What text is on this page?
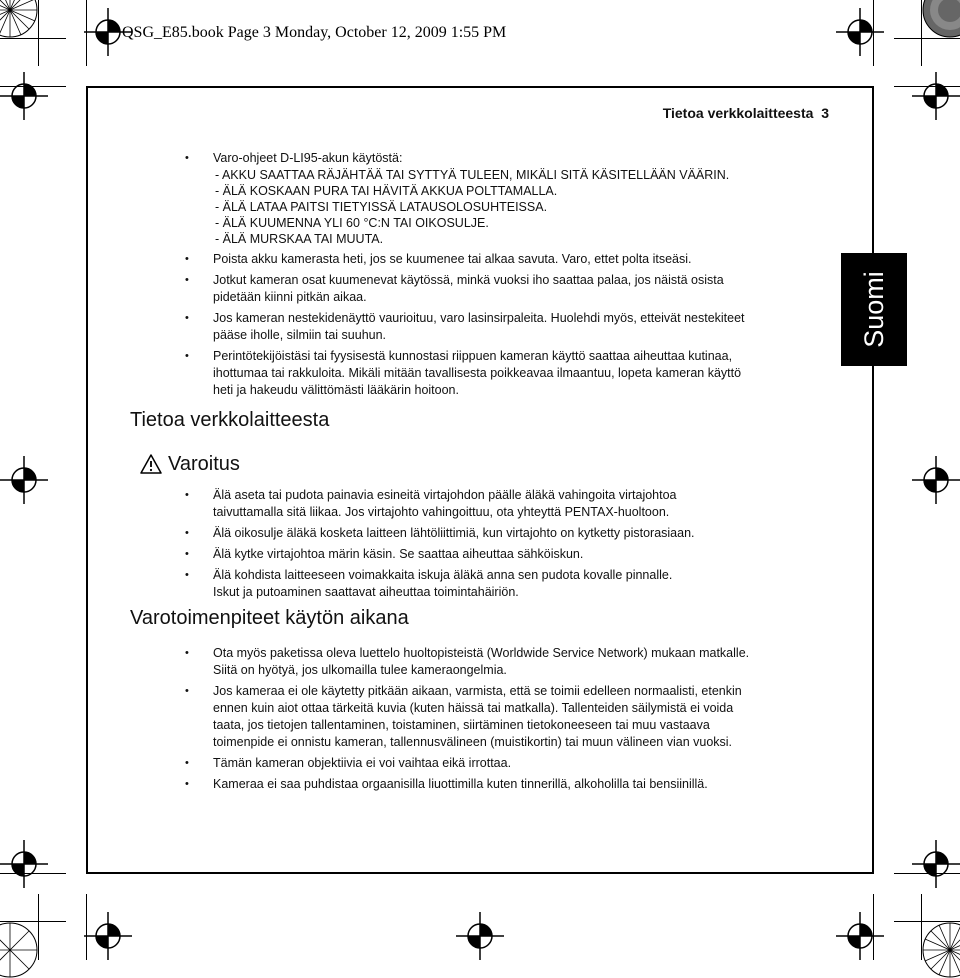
QSG_E85.book Page 3 Monday, October 12, 2009 1:55 PM
Tietoa verkkolaitteesta 3
Suomi
• Varo-ohjeet D-LI95-akun käytöstä:
- AKKU SAATTAA RÄJÄHTÄÄ TAI SYTTYÄ TULEEN, MIKÄLI SITÄ KÄSITELLÄÄN VÄÄRIN.
- ÄLÄ KOSKAAN PURA TAI HÄVITÄ AKKUA POLTTAMALLA.
- ÄLÄ LATAA PAITSI TIETYISSÄ LATAUSOLOSUHTEISSA.
- ÄLÄ KUUMENNA YLI 60 °C:N TAI OIKOSULJE.
- ÄLÄ MURSKAA TAI MUUTA.
• Poista akku kamerasta heti, jos se kuumenee tai alkaa savuta. Varo, ettet polta itseäsi.
• Jotkut kameran osat kuumenevat käytössä, minkä vuoksi iho saattaa palaa, jos näistä osista
pidetään kiinni pitkän aikaa.
• Jos kameran nestekidenäyttö vaurioituu, varo lasinsirpaleita. Huolehdi myös, etteivät nestekiteet
pääse iholle, silmiin tai suuhun.
• Perintötekijöistäsi tai fyysisestä kunnostasi riippuen kameran käyttö saattaa aiheuttaa kutinaa,
ihottumaa tai rakkuloita. Mikäli mitään tavallisesta poikkeavaa ilmaantuu, lopeta kameran käyttö
heti ja hakeudu välittömästi lääkärin hoitoon.
Tietoa verkkolaitteesta
Varoitus
• Älä aseta tai pudota painavia esineitä virtajohdon päälle äläkä vahingoita virtajohtoa
taivuttamalla sitä liikaa. Jos virtajohto vahingoittuu, ota yhteyttä PENTAX-huoltoon.
• Älä oikosulje äläkä kosketa laitteen lähtöliittimiä, kun virtajohto on kytketty pistorasiaan.
• Älä kytke virtajohtoa märin käsin. Se saattaa aiheuttaa sähköiskun.
• Älä kohdista laitteeseen voimakkaita iskuja äläkä anna sen pudota kovalle pinnalle.
Iskut ja putoaminen saattavat aiheuttaa toimintahäiriön.
Varotoimenpiteet käytön aikana
• Ota myös paketissa oleva luettelo huoltopisteistä (Worldwide Service Network) mukaan matkalle.
Siitä on hyötyä, jos ulkomailla tulee kameraongelmia.
• Jos kameraa ei ole käytetty pitkään aikaan, varmista, että se toimii edelleen normaalisti, etenkin
ennen kuin aiot ottaa tärkeitä kuvia (kuten häissä tai matkalla). Tallenteiden säilymistä ei voida
taata, jos tietojen tallentaminen, toistaminen, siirtäminen tietokoneeseen tai muu vastaava
toimenpide ei onnistu kameran, tallennusvälineen (muistikortin) tai muun välineen vian vuoksi.
• Tämän kameran objektiivia ei voi vaihtaa eikä irrottaa.
• Kameraa ei saa puhdistaa orgaanisilla liuottimilla kuten tinnerillä, alkoholilla tai bensiinillä.
